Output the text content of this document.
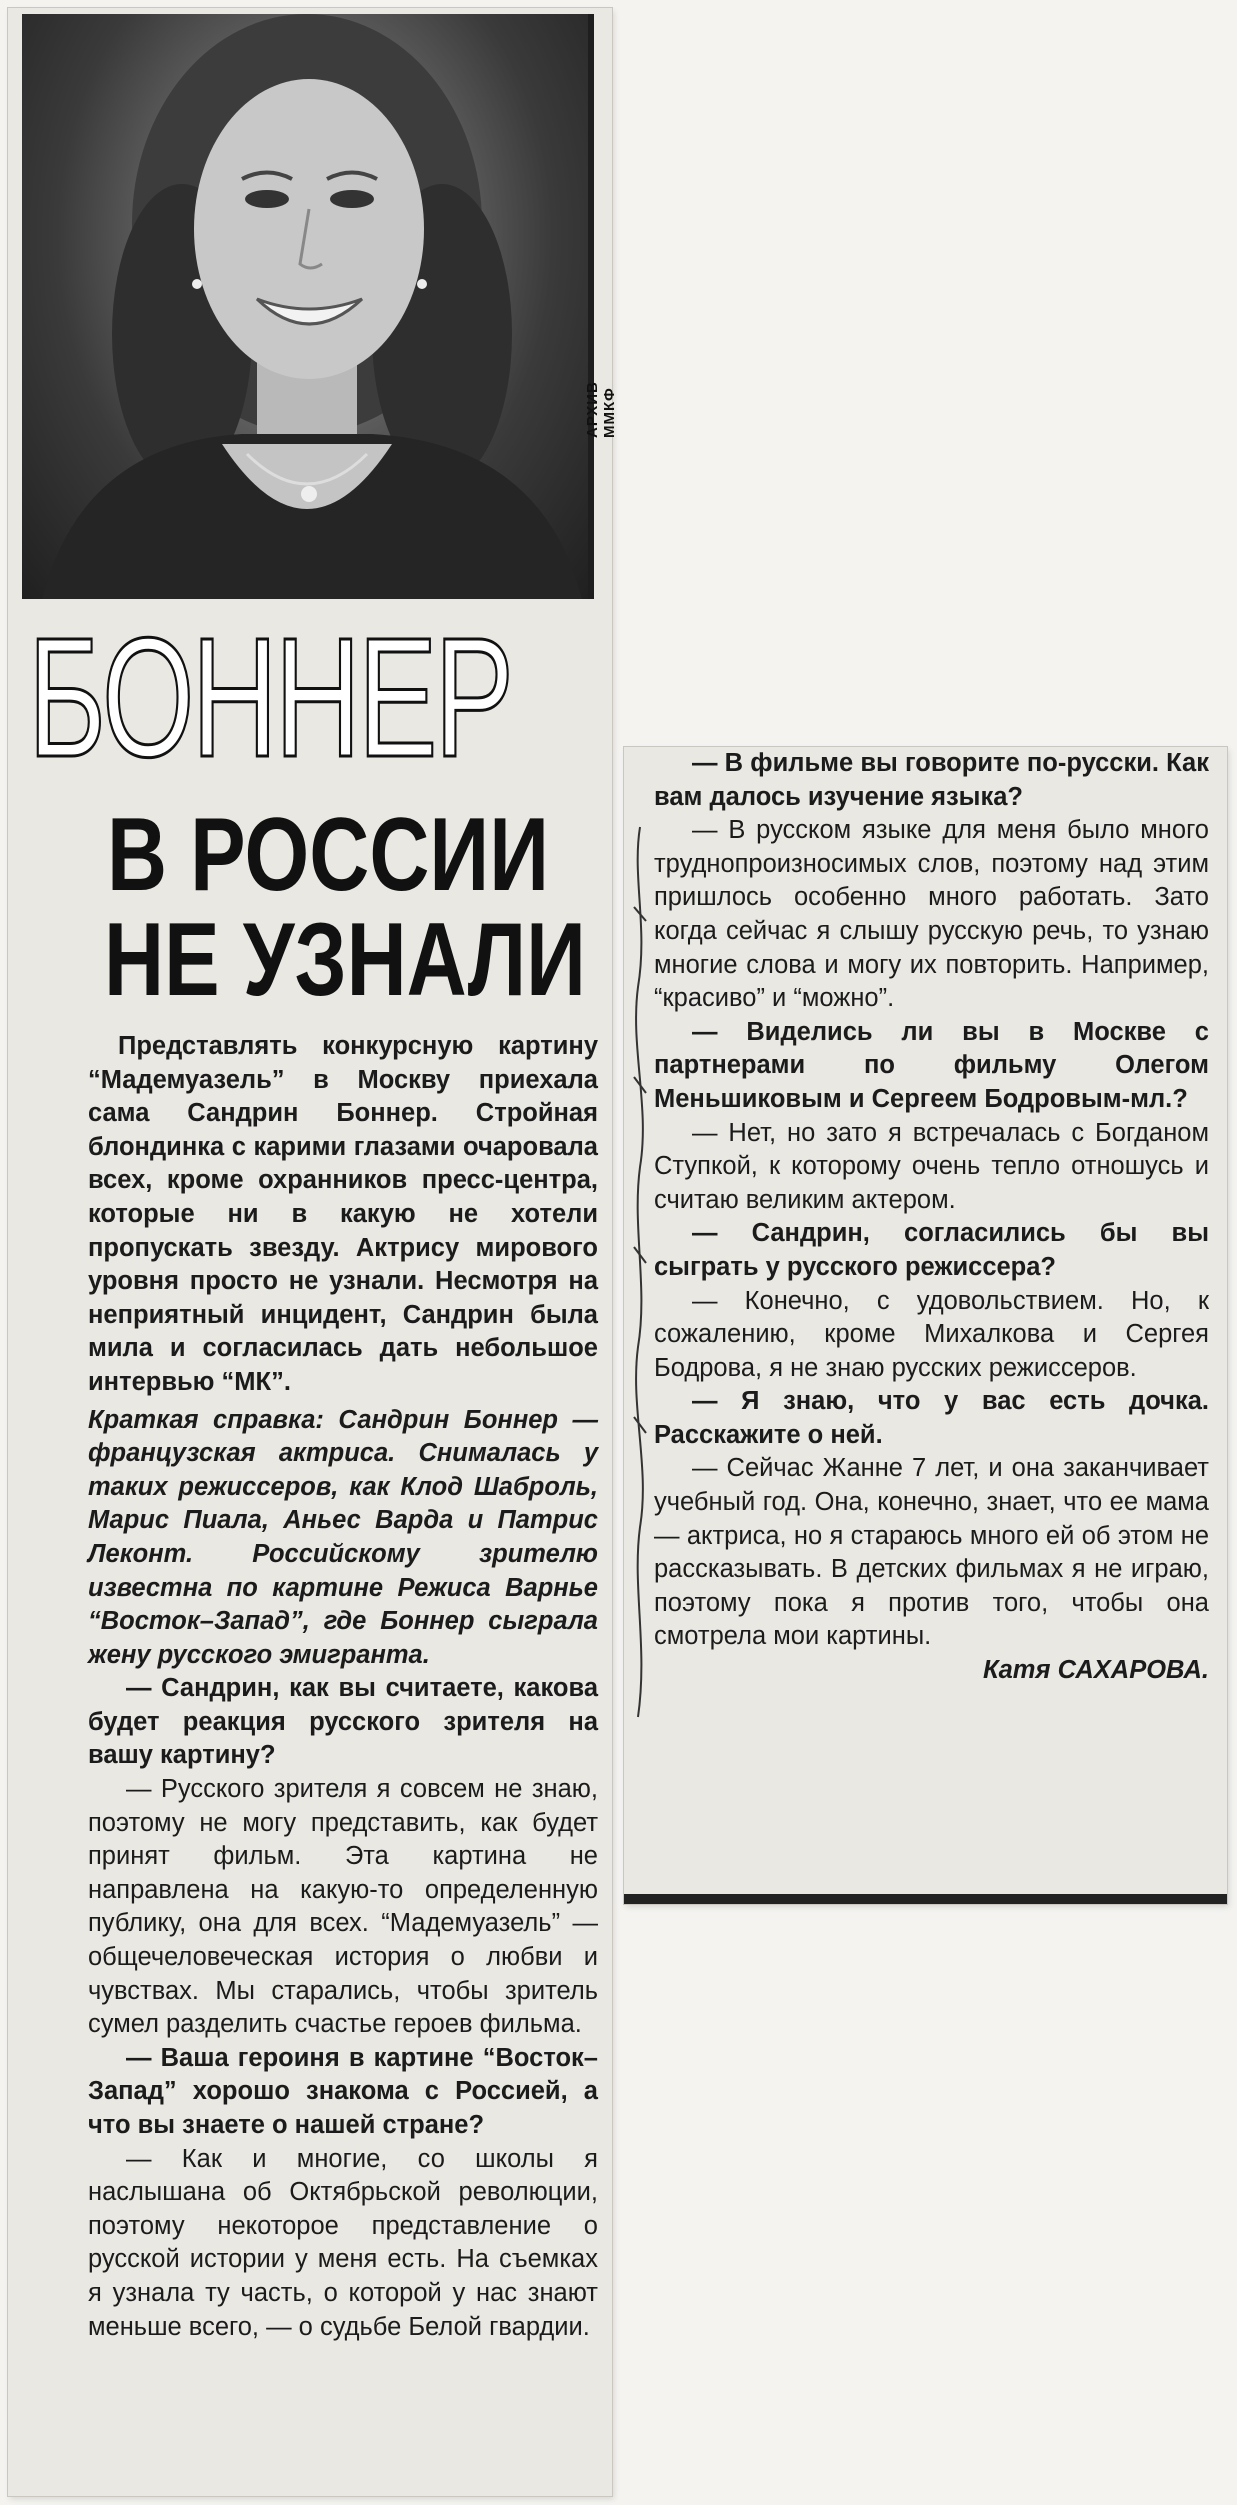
АРХИВ ММКФ
БОННЕР
В РОССИИ
НЕ УЗНАЛИ

Представлять конкурсную картину “Мадемуазель” в Москву приехала сама Сандрин Боннер. Стройная блондинка с карими глазами очаровала всех, кроме охранников пресс-центра, которые ни в какую не хотели пропускать звезду. Актрису мирового уровня просто не узнали. Несмотря на неприятный инцидент, Сандрин была мила и согласилась дать небольшое интервью “МК”.

Краткая справка: Сандрин Боннер — французская актриса. Снималась у таких режиссеров, как Клод Шаброль, Марис Пиала, Аньес Варда и Патрис Леконт. Российскому зрителю известна по картине Режиса Варнье “Восток–Запад”, где Боннер сыграла жену русского эмигранта.

— Сандрин, как вы считаете, какова будет реакция русского зрителя на вашу картину?

— Русского зрителя я совсем не знаю, поэтому не могу представить, как будет принят фильм. Эта картина не направлена на какую-то определенную публику, она для всех. “Мадемуазель” — общечеловеческая история о любви и чувствах. Мы старались, чтобы зритель сумел разделить счастье героев фильма.

— Ваша героиня в картине “Восток–Запад” хорошо знакома с Россией, а что вы знаете о нашей стране?

— Как и многие, со школы я наслышана об Октябрьской революции, поэтому некоторое представление о русской истории у меня есть. На съемках я узнала ту часть, о которой у нас знают меньше всего, — о судьбе Белой гвардии.

— В фильме вы говорите по-русски. Как вам далось изучение языка?

— В русском языке для меня было много труднопроизносимых слов, поэтому над этим пришлось особенно много работать. Зато когда сейчас я слышу русскую речь, то узнаю многие слова и могу их повторить. Например, “красиво” и “можно”.

— Виделись ли вы в Москве с партнерами по фильму Олегом Меньшиковым и Сергеем Бодровым-мл.?

— Нет, но зато я встречалась с Богданом Ступкой, к которому очень тепло отношусь и считаю великим актером.

— Сандрин, согласились бы вы сыграть у русского режиссера?

— Конечно, с удовольствием. Но, к сожалению, кроме Михалкова и Сергея Бодрова, я не знаю русских режиссеров.

— Я знаю, что у вас есть дочка. Расскажите о ней.

— Сейчас Жанне 7 лет, и она заканчивает учебный год. Она, конечно, знает, что ее мама — актриса, но я стараюсь много ей об этом не рассказывать. В детских фильмах я не играю, поэтому пока я против того, чтобы она смотрела мои картины.

Катя САХАРОВА.
